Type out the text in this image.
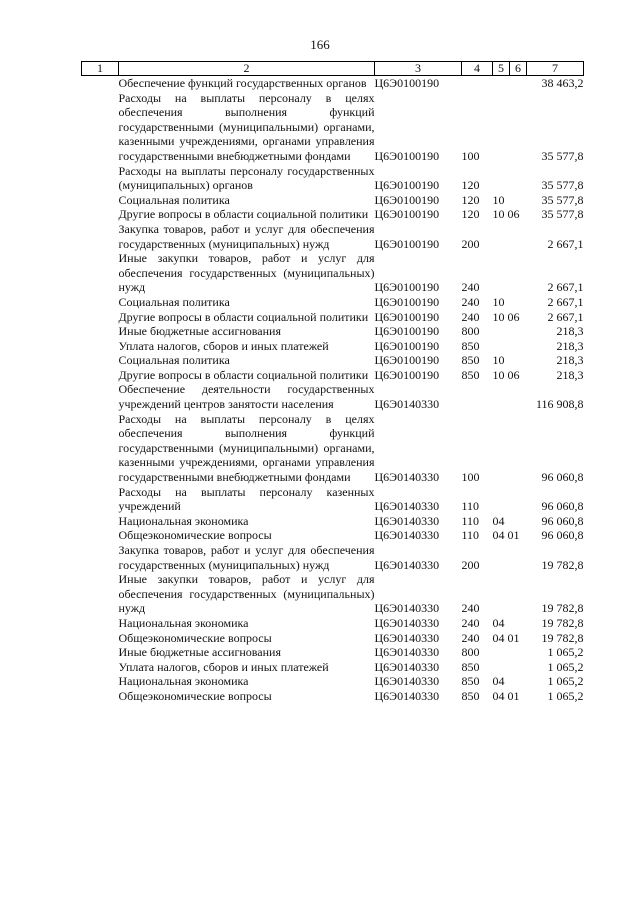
166
1	2	3	4	5	6	7
	Обеспечение функций государственных органов	Ц6Э0100190				38 463,2
	Расходы на выплаты персоналу в целях обеспечения выполнения функций государственными (муниципальными) органами, казенными учреждениями, органами управления государственными внебюджетными фондами	Ц6Э0100190	100			35 577,8
	Расходы на выплаты персоналу государственных (муниципальных) органов	Ц6Э0100190	120			35 577,8
	Социальная политика	Ц6Э0100190	120	10		35 577,8
	Другие вопросы в области социальной политики	Ц6Э0100190	120	10 06		35 577,8
	Закупка товаров, работ и услуг для обеспечения государственных (муниципальных) нужд	Ц6Э0100190	200			2 667,1
	Иные закупки товаров, работ и услуг для обеспечения государственных (муниципальных) нужд	Ц6Э0100190	240			2 667,1
	Социальная политика	Ц6Э0100190	240	10		2 667,1
	Другие вопросы в области социальной политики	Ц6Э0100190	240	10 06		2 667,1
	Иные бюджетные ассигнования	Ц6Э0100190	800			218,3
	Уплата налогов, сборов и иных платежей	Ц6Э0100190	850			218,3
	Социальная политика	Ц6Э0100190	850	10		218,3
	Другие вопросы в области социальной политики	Ц6Э0100190	850	10 06		218,3
	Обеспечение деятельности государственных учреждений центров занятости населения	Ц6Э0140330				116 908,8
	Расходы на выплаты персоналу в целях обеспечения выполнения функций государственными (муниципальными) органами, казенными учреждениями, органами управления государственными внебюджетными фондами	Ц6Э0140330	100			96 060,8
	Расходы на выплаты персоналу казенных учреждений	Ц6Э0140330	110			96 060,8
	Национальная экономика	Ц6Э0140330	110	04		96 060,8
	Общеэкономические вопросы	Ц6Э0140330	110	04 01		96 060,8
	Закупка товаров, работ и услуг для обеспечения государственных (муниципальных) нужд	Ц6Э0140330	200			19 782,8
	Иные закупки товаров, работ и услуг для обеспечения государственных (муниципальных) нужд	Ц6Э0140330	240			19 782,8
	Национальная экономика	Ц6Э0140330	240	04		19 782,8
	Общеэкономические вопросы	Ц6Э0140330	240	04 01		19 782,8
	Иные бюджетные ассигнования	Ц6Э0140330	800			1 065,2
	Уплата налогов, сборов и иных платежей	Ц6Э0140330	850			1 065,2
	Национальная экономика	Ц6Э0140330	850	04		1 065,2
	Общеэкономические вопросы	Ц6Э0140330	850	04 01		1 065,2
